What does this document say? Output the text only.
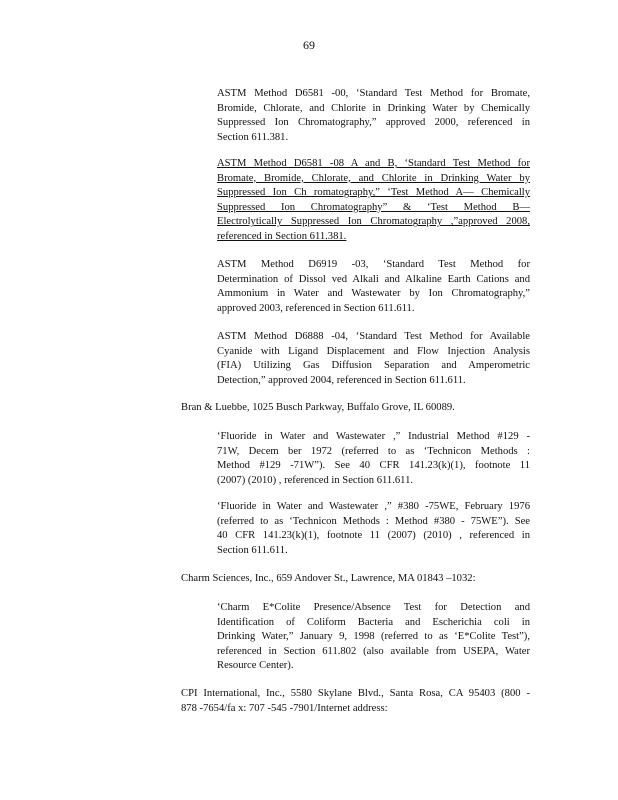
69

ASTM Method D6581 -00, ‘Standard Test Method for Bromate,
Bromide, Chlorate, and Chlorite in Drinking Water by Chemically
Suppressed Ion Chromatography,” approved 2000, referenced in
Section 611.381.

ASTM Method D6581 -08 A and B, ‘Standard Test Method for
Bromate, Bromide, Chlorate, and Chlorite in Drinking Water by
Suppressed Ion Ch romatography,” ‘Test Method A— Chemically
Suppressed Ion Chromatography” & ‘Test Method B—
Electrolytically Suppressed Ion Chromatography ,”approved 2008,
referenced in Section 611.381.

ASTM Method D6919 -03, ‘Standard Test Method for
Determination of Dissol ved Alkali and Alkaline Earth Cations and
Ammonium in Water and Wastewater by Ion Chromatography,”
approved 2003, referenced in Section 611.611.

ASTM Method D6888 -04, ‘Standard Test Method for Available
Cyanide with Ligand Displacement and Flow Injection Analysis
(FIA) Utilizing Gas Diffusion Separation and Amperometric
Detection,” approved 2004, referenced in Section 611.611.

Bran & Luebbe, 1025 Busch Parkway, Buffalo Grove, IL 60089.

‘Fluoride in Water and Wastewater ,” Industrial Method #129 -
71W, Decem ber 1972 (referred to as ‘Technicon Methods :
Method #129 -71W”). See 40 CFR 141.23(k)(1), footnote 11
(2007) (2010) , referenced in Section 611.611.

‘Fluoride in Water and Wastewater ,” #380 -75WE, February 1976
(referred to as ‘Technicon Methods : Method #380 - 75WE”). See
40 CFR 141.23(k)(1), footnote 11 (2007) (2010) , referenced in
Section 611.611.

Charm Sciences, Inc., 659 Andover St., Lawrence, MA 01843 –1032:

‘Charm E*Colite Presence/Absence Test for Detection and
Identification of Coliform Bacteria and Escherichia coli in
Drinking Water,” January 9, 1998 (referred to as ‘E*Colite Test”),
referenced in Section 611.802 (also available from USEPA, Water
Resource Center).

CPI International, Inc., 5580 Skylane Blvd., Santa Rosa, CA 95403 (800 -
878 -7654/fa x: 707 -545 -7901/Internet address:
